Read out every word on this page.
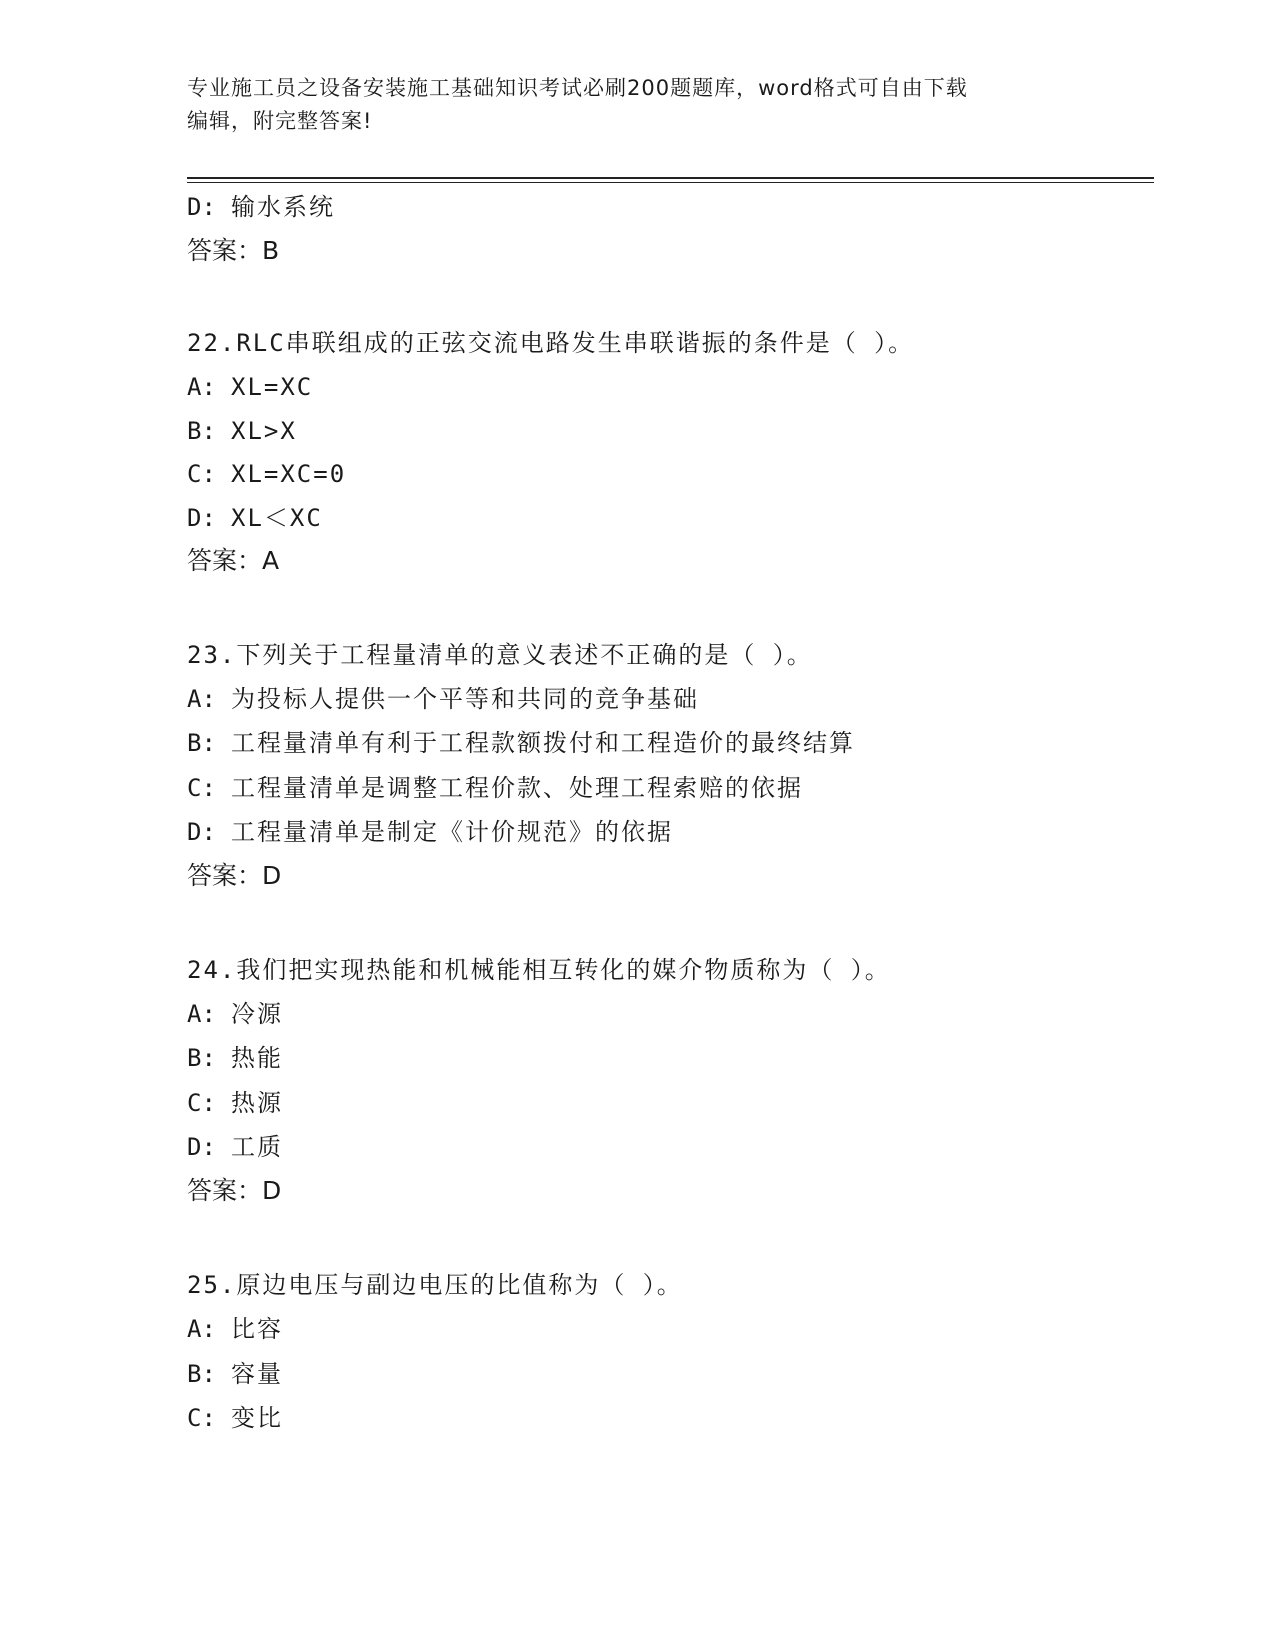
专业施工员之设备安装施工基础知识考试必刷200题题库，word格式可自由下载
编辑，附完整答案!
D: 输水系统
答案：B
22.RLC串联组成的正弦交流电路发生串联谐振的条件是（ ）。
A: XL=XC
B: XL>X
C: XL=XC=0
D: XL＜XC
答案：A
23.下列关于工程量清单的意义表述不正确的是（ ）。
A: 为投标人提供一个平等和共同的竞争基础
B: 工程量清单有利于工程款额拨付和工程造价的最终结算
C: 工程量清单是调整工程价款、处理工程索赔的依据
D: 工程量清单是制定《计价规范》的依据
答案：D
24.我们把实现热能和机械能相互转化的媒介物质称为（ ）。
A: 冷源
B: 热能
C: 热源
D: 工质
答案：D
25.原边电压与副边电压的比值称为（ ）。
A: 比容
B: 容量
C: 变比
